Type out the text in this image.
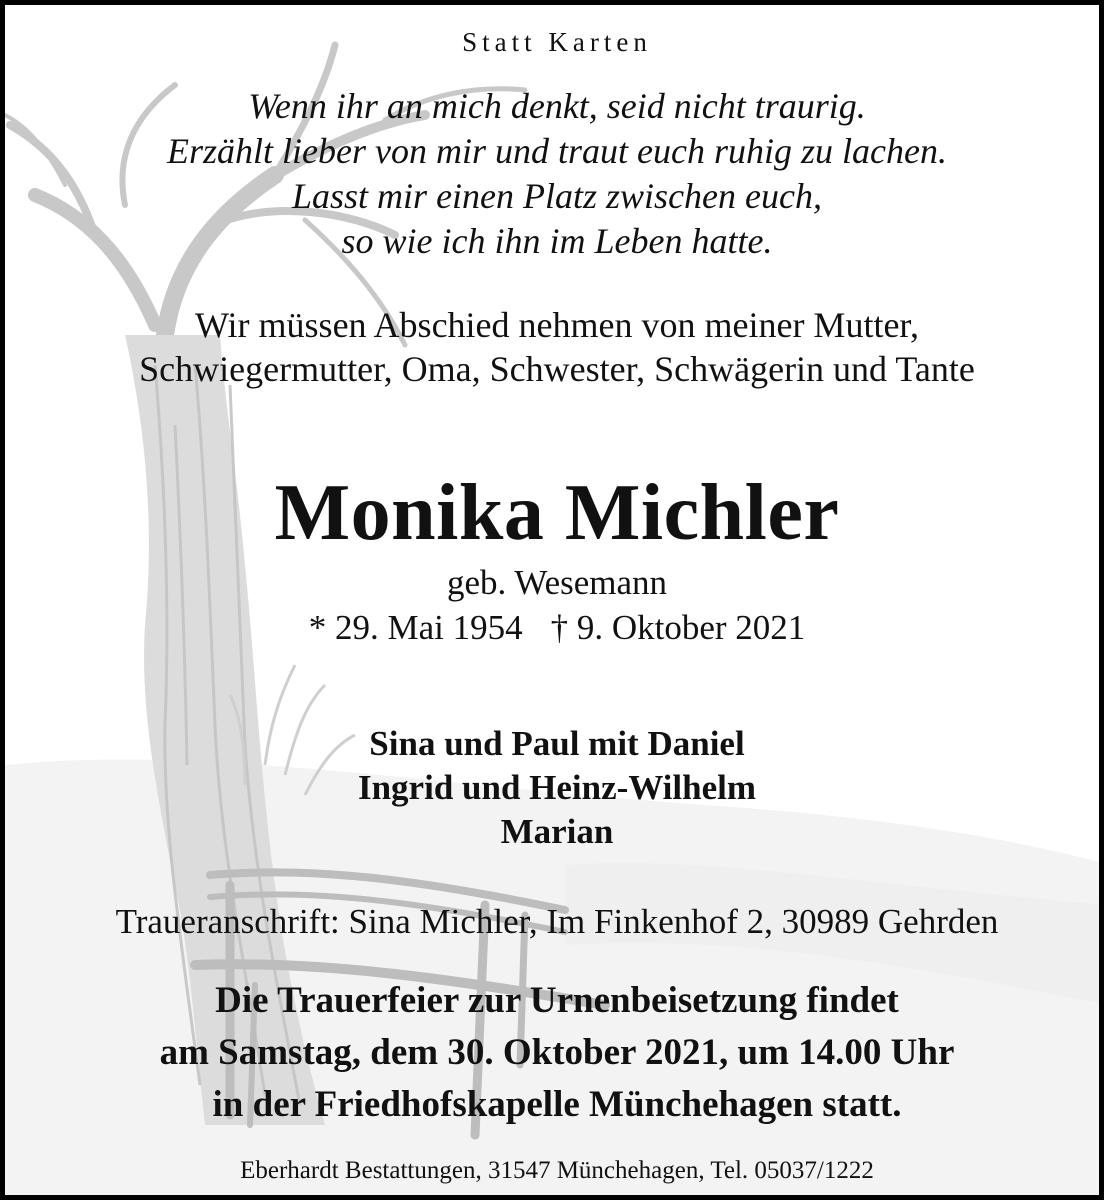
Statt Karten
Wenn ihr an mich denkt, seid nicht traurig.
Erzählt lieber von mir und traut euch ruhig zu lachen.
Lasst mir einen Platz zwischen euch,
so wie ich ihn im Leben hatte.
Wir müssen Abschied nehmen von meiner Mutter,
Schwiegermutter, Oma, Schwester, Schwägerin und Tante
Monika Michler
geb. Wesemann
* 29. Mai 1954 † 9. Oktober 2021
Sina und Paul mit Daniel
Ingrid und Heinz-Wilhelm
Marian
Traueranschrift: Sina Michler, Im Finkenhof 2, 30989 Gehrden
Die Trauerfeier zur Urnenbeisetzung findet
am Samstag, dem 30. Oktober 2021, um 14.00 Uhr
in der Friedhofskapelle Münchehagen statt.
Eberhardt Bestattungen, 31547 Münchehagen, Tel. 05037/1222
